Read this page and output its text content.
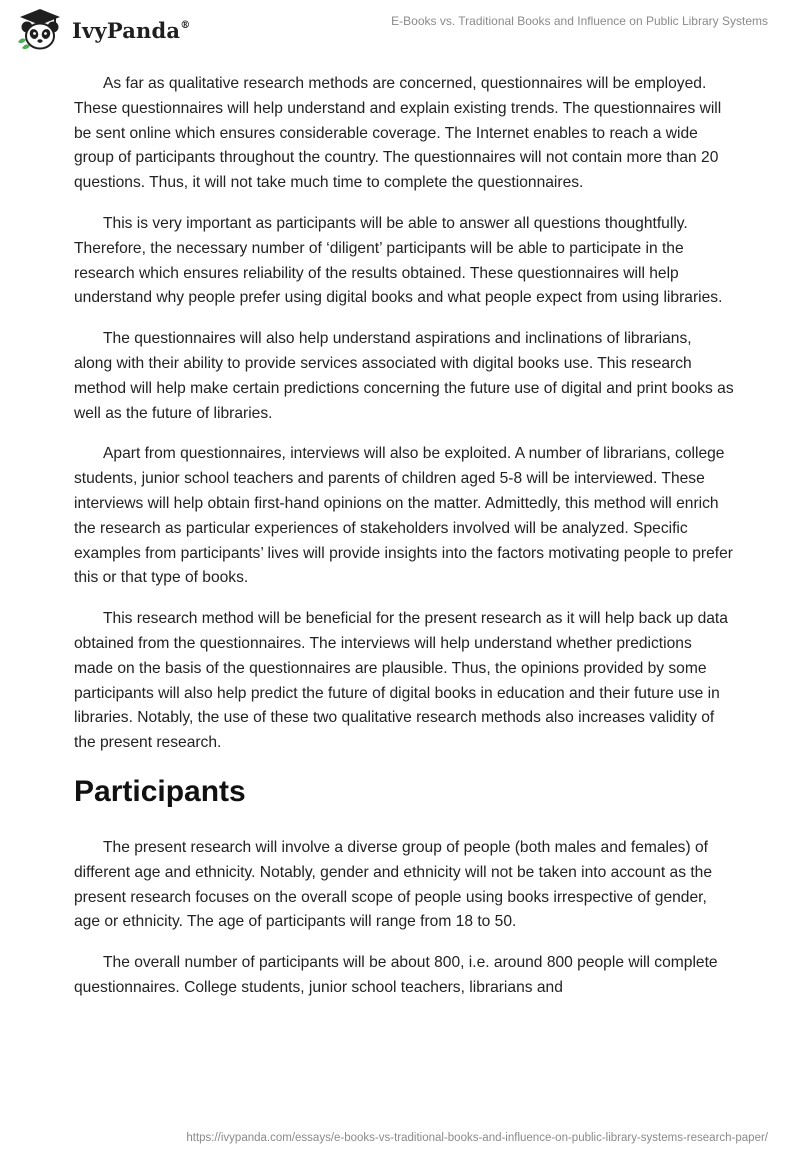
IvyPanda®	E-Books vs. Traditional Books and Influence on Public Library Systems

As far as qualitative research methods are concerned, questionnaires will be employed. These questionnaires will help understand and explain existing trends. The questionnaires will be sent online which ensures considerable coverage. The Internet enables to reach a wide group of participants throughout the country. The questionnaires will not contain more than 20 questions. Thus, it will not take much time to complete the questionnaires.

This is very important as participants will be able to answer all questions thoughtfully. Therefore, the necessary number of ‘diligent’ participants will be able to participate in the research which ensures reliability of the results obtained. These questionnaires will help understand why people prefer using digital books and what people expect from using libraries.

The questionnaires will also help understand aspirations and inclinations of librarians, along with their ability to provide services associated with digital books use. This research method will help make certain predictions concerning the future use of digital and print books as well as the future of libraries.

Apart from questionnaires, interviews will also be exploited. A number of librarians, college students, junior school teachers and parents of children aged 5-8 will be interviewed. These interviews will help obtain first-hand opinions on the matter. Admittedly, this method will enrich the research as particular experiences of stakeholders involved will be analyzed. Specific examples from participants’ lives will provide insights into the factors motivating people to prefer this or that type of books.

This research method will be beneficial for the present research as it will help back up data obtained from the questionnaires. The interviews will help understand whether predictions made on the basis of the questionnaires are plausible. Thus, the opinions provided by some participants will also help predict the future of digital books in education and their future use in libraries. Notably, the use of these two qualitative research methods also increases validity of the present research.

Participants

The present research will involve a diverse group of people (both males and females) of different age and ethnicity. Notably, gender and ethnicity will not be taken into account as the present research focuses on the overall scope of people using books irrespective of gender, age or ethnicity. The age of participants will range from 18 to 50.

The overall number of participants will be about 800, i.e. around 800 people will complete questionnaires. College students, junior school teachers, librarians and

https://ivypanda.com/essays/e-books-vs-traditional-books-and-influence-on-public-library-systems-research-paper/
